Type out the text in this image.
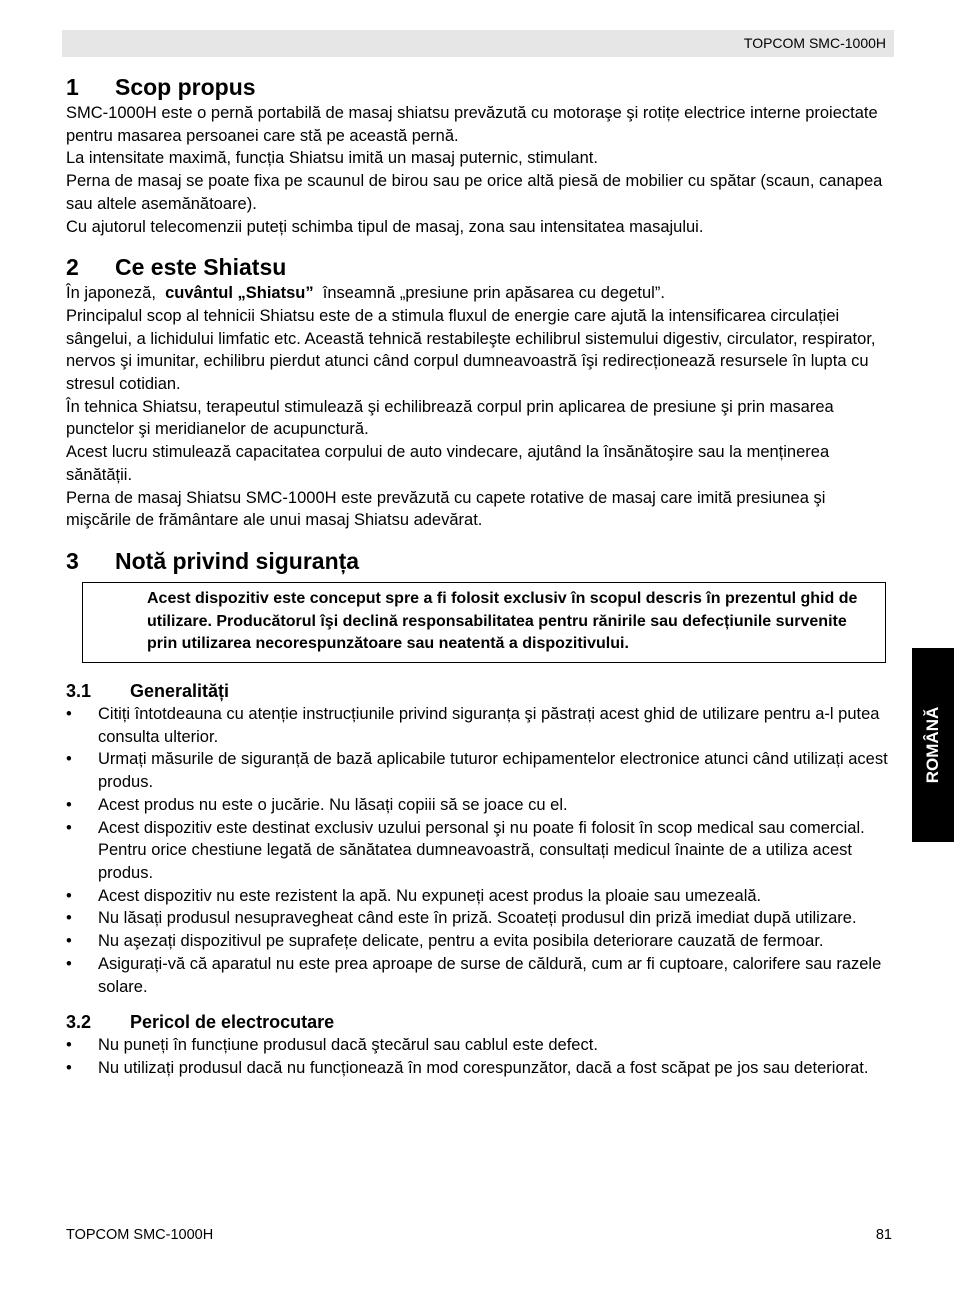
TOPCOM SMC-1000H
1	Scop propus

SMC-1000H este o pernă portabilă de masaj shiatsu prevăzută cu motoraşe şi rotițe electrice interne proiectate pentru masarea persoanei care stă pe această pernă.

La intensitate maximă, funcția Shiatsu imită un masaj puternic, stimulant.

Perna de masaj se poate fixa pe scaunul de birou sau pe orice altă piesă de mobilier cu spătar (scaun, canapea sau altele asemănătoare).

Cu ajutorul telecomenzii puteți schimba tipul de masaj, zona sau intensitatea masajului.

2	Ce este Shiatsu

În japoneză,  cuvântul „Shiatsu”  înseamnă „presiune prin apăsarea cu degetul”.

Principalul scop al tehnicii Shiatsu este de a stimula fluxul de energie care ajută la intensificarea circulației sângelui, a lichidului limfatic etc. Această tehnică restabileşte echilibrul sistemului digestiv, circulator, respirator, nervos şi imunitar, echilibru pierdut atunci când corpul dumneavoastră îşi redirecționează resursele în lupta cu stresul cotidian.

În tehnica Shiatsu, terapeutul stimulează şi echilibrează corpul prin aplicarea de presiune şi prin masarea punctelor şi meridianelor de acupunctură.

Acest lucru stimulează capacitatea corpului de auto vindecare, ajutând la însănătoşire sau la menținerea sănătății.

Perna de masaj Shiatsu SMC-1000H este prevăzută cu capete rotative de masaj care imită presiunea şi mişcările de frământare ale unui masaj Shiatsu adevărat.

3	Notă privind siguranța
Acest dispozitiv este conceput spre a fi folosit exclusiv în scopul descris în prezentul ghid de utilizare. Producătorul îşi declină responsabilitatea pentru rănirile sau defecțiunile survenite prin utilizarea necorespunzătoare sau neatentă a dispozitivului.
3.1	Generalități
• Citiți întotdeauna cu atenție instrucțiunile privind siguranța şi păstrați acest ghid de utilizare pentru a-l putea consulta ulterior.
• Urmați măsurile de siguranță de bază aplicabile tuturor echipamentelor electronice atunci când utilizați acest produs.
• Acest produs nu este o jucărie. Nu lăsați copiii să se joace cu el.
• Acest dispozitiv este destinat exclusiv uzului personal şi nu poate fi folosit în scop medical sau comercial. Pentru orice chestiune legată de sănătatea dumneavoastră, consultați medicul înainte de a utiliza acest produs.
• Acest dispozitiv nu este rezistent la apă. Nu expuneți acest produs la ploaie sau umezeală.
• Nu lăsați produsul nesupravegheat când este în priză. Scoateți produsul din priză imediat după utilizare.
• Nu aşezați dispozitivul pe suprafețe delicate, pentru a evita posibila deteriorare cauzată de fermoar.
• Asigurați-vă că aparatul nu este prea aproape de surse de căldură, cum ar fi cuptoare, calorifere sau razele solare.
3.2	Pericol de electrocutare
• Nu puneți în funcțiune produsul dacă ştecărul sau cablul este defect.
• Nu utilizați produsul dacă nu funcționează în mod corespunzător, dacă a fost scăpat pe jos sau deteriorat.
ROMÂNĂ
TOPCOM SMC-1000H	81
